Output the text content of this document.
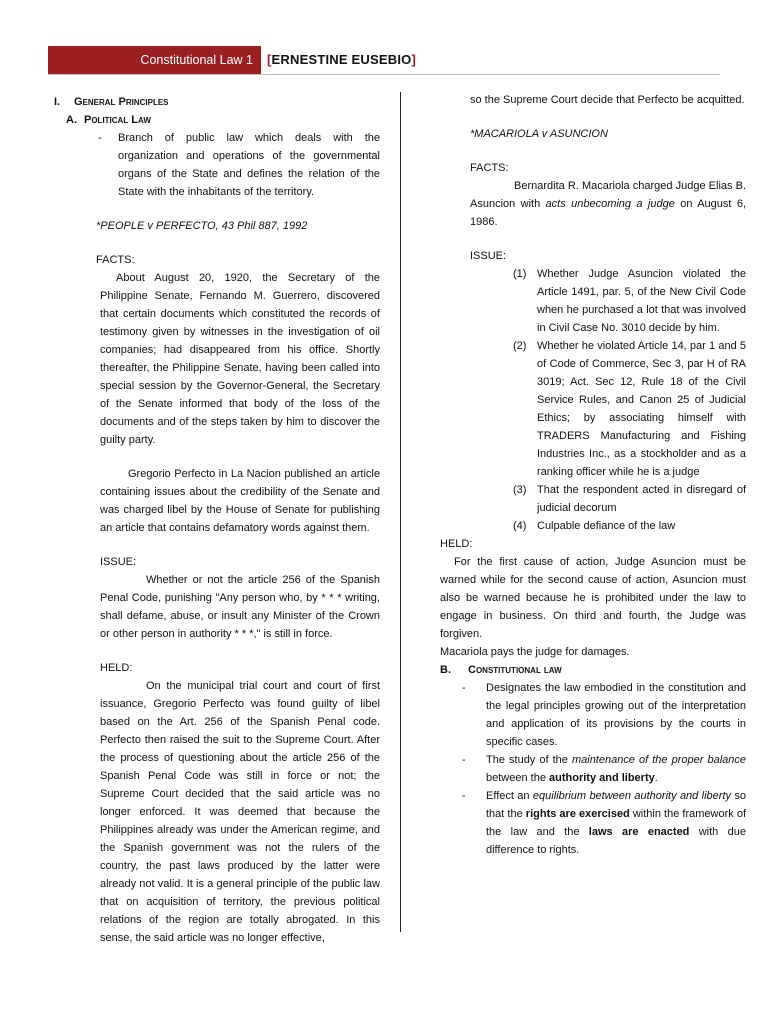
Constitutional Law 1	[ERNESTINE EUSEBIO]
I. General Principles
A. Political Law
- Branch of public law which deals with the organization and operations of the governmental organs of the State and defines the relation of the State with the inhabitants of the territory.

*PEOPLE v PERFECTO, 43 Phil 887, 1992

FACTS:

About August 20, 1920, the Secretary of the Philippine Senate, Fernando M. Guerrero, discovered that certain documents which constituted the records of testimony given by witnesses in the investigation of oil companies; had disappeared from his office. Shortly thereafter, the Philippine Senate, having been called into special session by the Governor-General, the Secretary of the Senate informed that body of the loss of the documents and of the steps taken by him to discover the guilty party.

Gregorio Perfecto in La Nacion published an article containing issues about the credibility of the Senate and was charged libel by the House of Senate for publishing an article that contains defamatory words against them.

ISSUE:

Whether or not the article 256 of the Spanish Penal Code, punishing "Any person who, by * * * writing, shall defame, abuse, or insult any Minister of the Crown or other person in authority * * *," is still in force.

HELD:

On the municipal trial court and court of first issuance, Gregorio Perfecto was found guilty of libel based on the Art. 256 of the Spanish Penal code. Perfecto then raised the suit to the Supreme Court. After the process of questioning about the article 256 of the Spanish Penal Code was still in force or not; the Supreme Court decided that the said article was no longer enforced. It was deemed that because the Philippines already was under the American regime, and the Spanish government was not the rulers of the country, the past laws produced by the latter were already not valid. It is a general principle of the public law that on acquisition of territory, the previous political relations of the region are totally abrogated. In this sense, the said article was no longer effective,

so the Supreme Court decide that Perfecto be acquitted.

*MACARIOLA v ASUNCION

FACTS:

Bernardita R. Macariola charged Judge Elias B. Asuncion with acts unbecoming a judge on August 6, 1986.

ISSUE:

(1) Whether Judge Asuncion violated the Article 1491, par. 5, of the New Civil Code when he purchased a lot that was involved in Civil Case No. 3010 decide by him.
(2) Whether he violated Article 14, par 1 and 5 of Code of Commerce, Sec 3, par H of RA 3019; Act. Sec 12, Rule 18 of the Civil Service Rules, and Canon 25 of Judicial Ethics; by associating himself with TRADERS Manufacturing and Fishing Industries Inc., as a stockholder and as a ranking officer while he is a judge
(3) That the respondent acted in disregard of judicial decorum
(4) Culpable defiance of the law

HELD:

For the first cause of action, Judge Asuncion must be warned while for the second cause of action, Asuncion must also be warned because he is prohibited under the law to engage in business. On third and fourth, the Judge was forgiven.

Macariola pays the judge for damages.

B. Constitutional law
- Designates the law embodied in the constitution and the legal principles growing out of the interpretation and application of its provisions by the courts in specific cases.
- The study of the maintenance of the proper balance between the authority and liberty.
- Effect an equilibrium between authority and liberty so that the rights are exercised within the framework of the law and the laws are enacted with due difference to rights.
